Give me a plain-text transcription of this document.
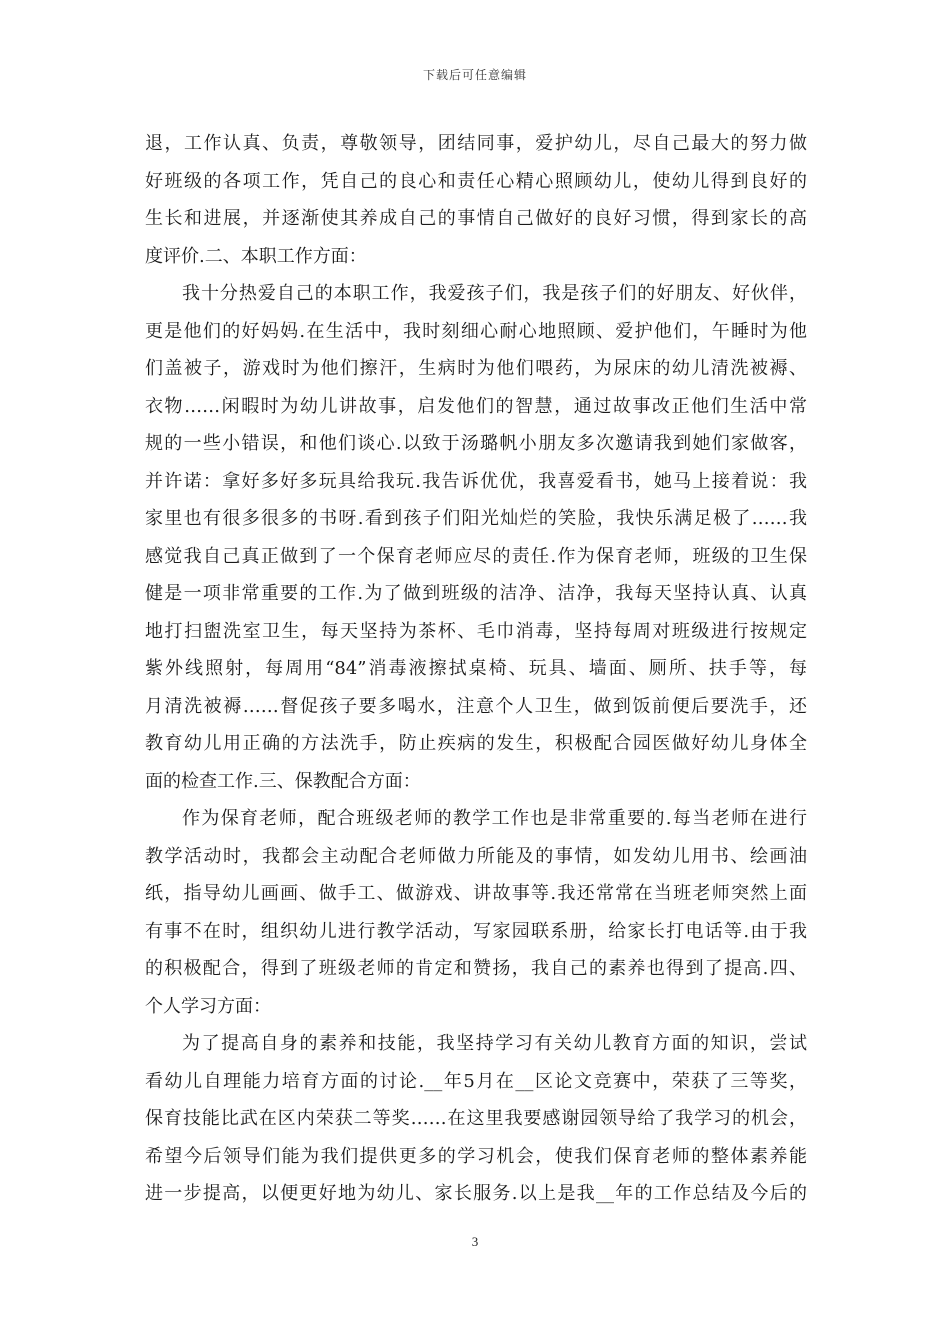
下载后可任意编辑
退，工作认真、负责，尊敬领导，团结同事，爱护幼儿，尽自己最大的努力做
好班级的各项工作，凭自己的良心和责任心精心照顾幼儿，使幼儿得到良好的
生长和进展，并逐渐使其养成自己的事情自己做好的良好习惯，得到家长的高
度评价.二、本职工作方面：
我十分热爱自己的本职工作，我爱孩子们，我是孩子们的好朋友、好伙伴，
更是他们的好妈妈.在生活中，我时刻细心耐心地照顾、爱护他们，午睡时为他
们盖被子，游戏时为他们擦汗，生病时为他们喂药，为尿床的幼儿清洗被褥、
衣物……闲暇时为幼儿讲故事，启发他们的智慧，通过故事改正他们生活中常
规的一些小错误，和他们谈心.以致于汤璐帆小朋友多次邀请我到她们家做客，
并许诺：拿好多好多玩具给我玩.我告诉优优，我喜爱看书，她马上接着说：我
家里也有很多很多的书呀.看到孩子们阳光灿烂的笑脸，我快乐满足极了……我
感觉我自己真正做到了一个保育老师应尽的责任.作为保育老师，班级的卫生保
健是一项非常重要的工作.为了做到班级的洁净、洁净，我每天坚持认真、认真
地打扫盥洗室卫生，每天坚持为茶杯、毛巾消毒，坚持每周对班级进行按规定
紫外线照射，每周用“84”消毒液擦拭桌椅、玩具、墙面、厕所、扶手等，每
月清洗被褥……督促孩子要多喝水，注意个人卫生，做到饭前便后要洗手，还
教育幼儿用正确的方法洗手，防止疾病的发生，积极配合园医做好幼儿身体全
面的检查工作.三、保教配合方面：
作为保育老师，配合班级老师的教学工作也是非常重要的.每当老师在进行
教学活动时，我都会主动配合老师做力所能及的事情，如发幼儿用书、绘画油
纸，指导幼儿画画、做手工、做游戏、讲故事等.我还常常在当班老师突然上面
有事不在时，组织幼儿进行教学活动，写家园联系册，给家长打电话等.由于我
的积极配合，得到了班级老师的肯定和赞扬，我自己的素养也得到了提高.四、
个人学习方面：
为了提高自身的素养和技能，我坚持学习有关幼儿教育方面的知识，尝试
看幼儿自理能力培育方面的讨论.__年5月在__区论文竞赛中，荣获了三等奖，
保育技能比武在区内荣获二等奖……在这里我要感谢园领导给了我学习的机会，
希望今后领导们能为我们提供更多的学习机会，使我们保育老师的整体素养能
进一步提高，以便更好地为幼儿、家长服务.以上是我__年的工作总结及今后的
3
